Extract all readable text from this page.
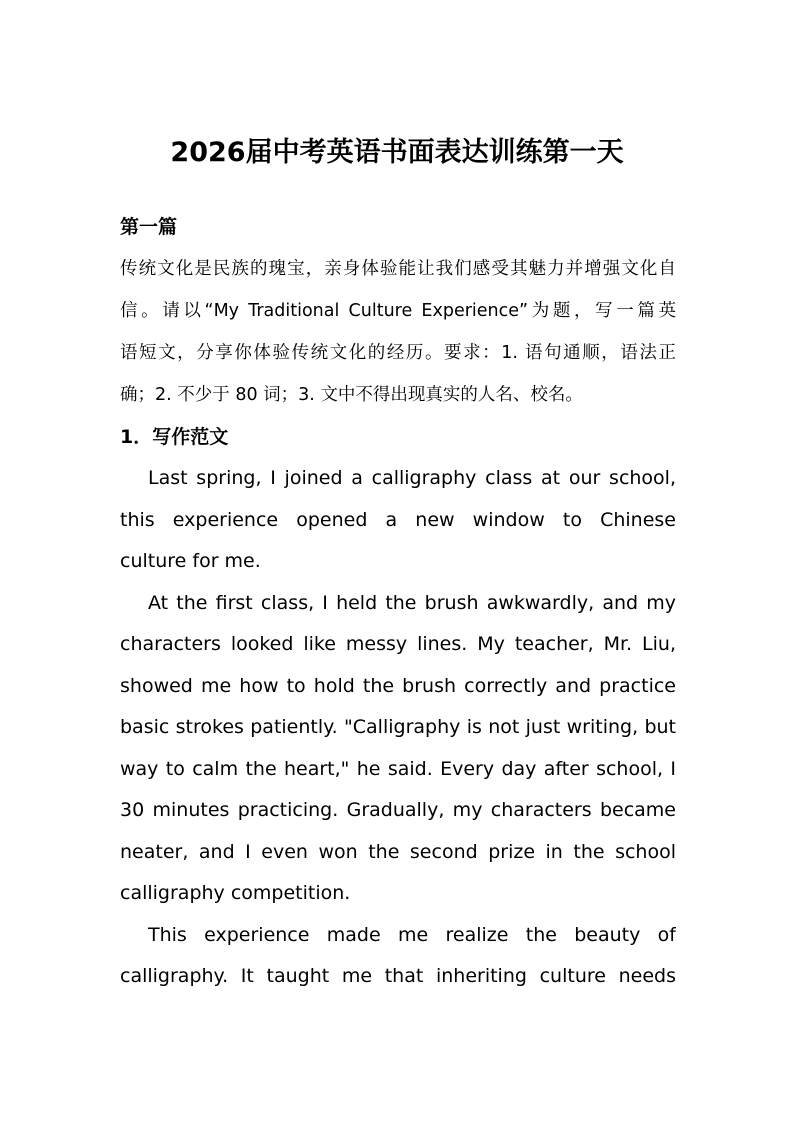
2026届中考英语书面表达训练第一天
第一篇
传统文化是民族的瑰宝，亲身体验能让我们感受其魅力并增强文化自
信。请以“My Traditional Culture Experience”为题，写一篇英
语短文，分享你体验传统文化的经历。要求：1. 语句通顺，语法正
确；2. 不少于 80 词；3. 文中不得出现真实的人名、校名。
1．写作范文
Last spring, I joined a calligraphy class at our school,
this experience opened a new window to Chinese
culture for me.
At the first class, I held the brush awkwardly, and my
characters looked like messy lines. My teacher, Mr. Liu,
showed me how to hold the brush correctly and practice
basic strokes patiently. "Calligraphy is not just writing, but
way to calm the heart," he said. Every day after school, I
30 minutes practicing. Gradually, my characters became
neater, and I even won the second prize in the school
calligraphy competition.
This experience made me realize the beauty of
calligraphy. It taught me that inheriting culture needs
